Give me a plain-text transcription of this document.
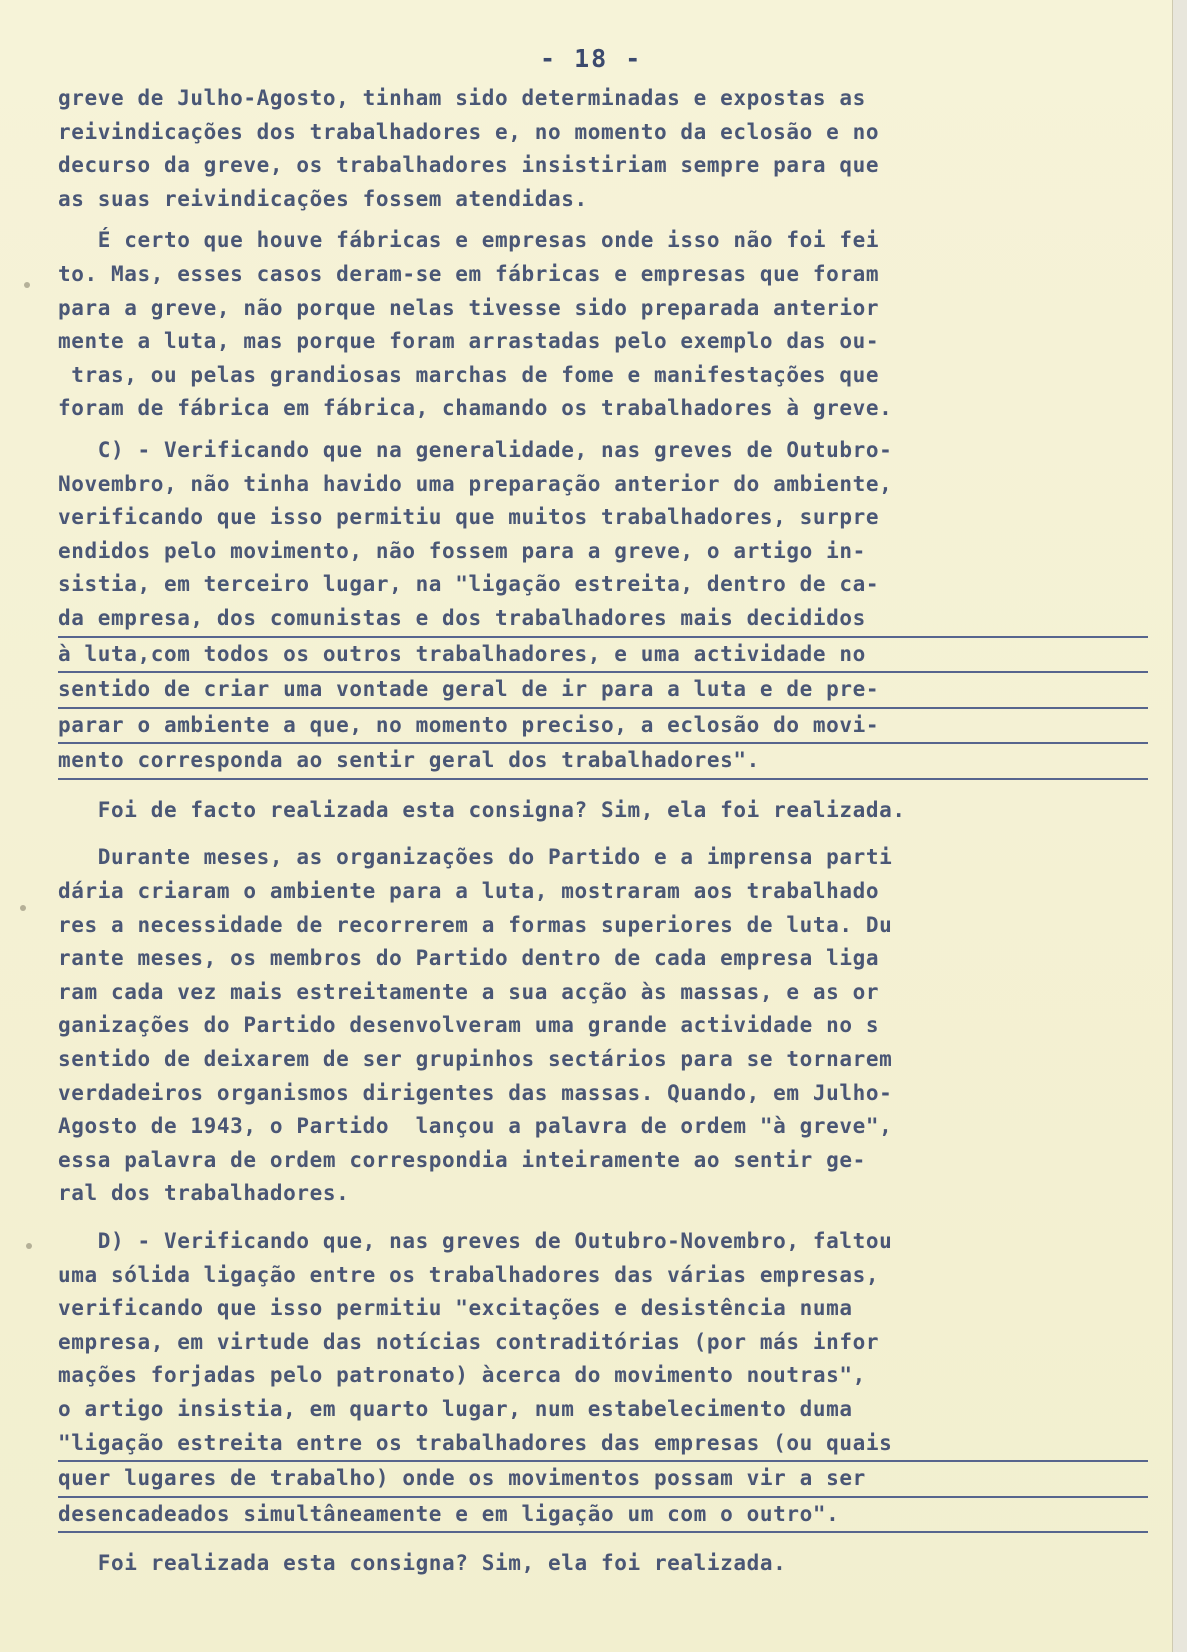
- 18 -
greve de Julho-Agosto, tinham sido determinadas e expostas as
reivindicações dos trabalhadores e, no momento da eclosão e no
decurso da greve, os trabalhadores insistiriam sempre para que
as suas reivindicações fossem atendidas.
É certo que houve fábricas e empresas onde isso não foi fei
to. Mas, esses casos deram-se em fábricas e empresas que foram
para a greve, não porque nelas tivesse sido preparada anterior
mente a luta, mas porque foram arrastadas pelo exemplo das ou-
tras, ou pelas grandiosas marchas de fome e manifestações que
foram de fábrica em fábrica, chamando os trabalhadores à greve.
C) - Verificando que na generalidade, nas greves de Outubro-
Novembro, não tinha havido uma preparação anterior do ambiente,
verificando que isso permitiu que muitos trabalhadores, surpre
endidos pelo movimento, não fossem para a greve, o artigo in-
sistia, em terceiro lugar, na "ligação estreita, dentro de ca-
da empresa, dos comunistas e dos trabalhadores mais decididos
à luta,com todos os outros trabalhadores, e uma actividade no
sentido de criar uma vontade geral de ir para a luta e de pre-
parar o ambiente a que, no momento preciso, a eclosão do movi-
mento corresponda ao sentir geral dos trabalhadores".
Foi de facto realizada esta consigna? Sim, ela foi realizada.
Durante meses, as organizações do Partido e a imprensa parti
dária criaram o ambiente para a luta, mostraram aos trabalhado
res a necessidade de recorrerem a formas superiores de luta. Du
rante meses, os membros do Partido dentro de cada empresa liga
ram cada vez mais estreitamente a sua acção às massas, e as or
ganizações do Partido desenvolveram uma grande actividade no s
sentido de deixarem de ser grupinhos sectários para se tornarem
verdadeiros organismos dirigentes das massas. Quando, em Julho-
Agosto de 1943, o Partido  lançou a palavra de ordem "à greve",
essa palavra de ordem correspondia inteiramente ao sentir ge-
ral dos trabalhadores.
D) - Verificando que, nas greves de Outubro-Novembro, faltou
uma sólida ligação entre os trabalhadores das várias empresas,
verificando que isso permitiu "excitações e desistência numa
empresa, em virtude das notícias contraditórias (por más infor
mações forjadas pelo patronato) àcerca do movimento noutras",
o artigo insistia, em quarto lugar, num estabelecimento duma
"ligação estreita entre os trabalhadores das empresas (ou quais
quer lugares de trabalho) onde os movimentos possam vir a ser
desencadeados simultâneamente e em ligação um com o outro".
Foi realizada esta consigna? Sim, ela foi realizada.
